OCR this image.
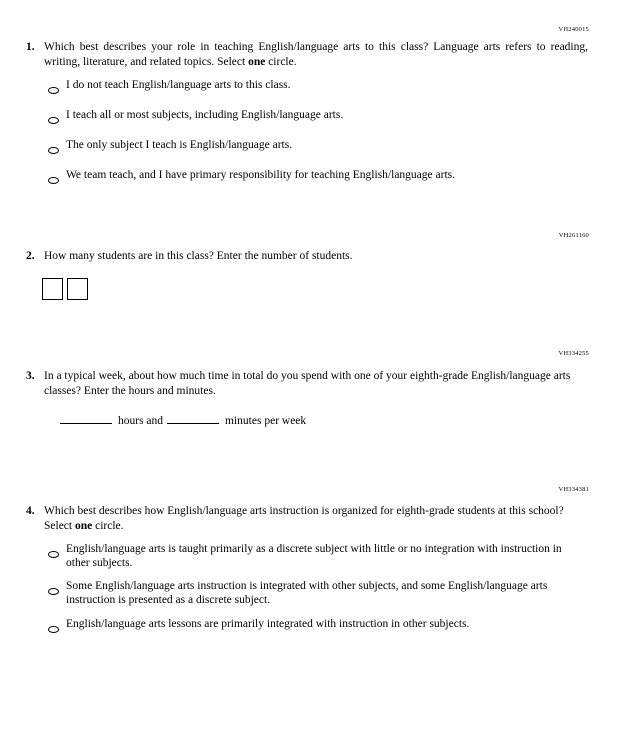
VH240015
1. Which best describes your role in teaching English/language arts to this class? Language arts refers to reading, writing, literature, and related topics. Select one circle.
I do not teach English/language arts to this class.
I teach all or most subjects, including English/language arts.
The only subject I teach is English/language arts.
We team teach, and I have primary responsibility for teaching English/language arts.
VH261160
2. How many students are in this class? Enter the number of students.
VH334255
3. In a typical week, about how much time in total do you spend with one of your eighth-grade English/language arts classes? Enter the hours and minutes.
hours and	minutes per week
VH334381
4. Which best describes how English/language arts instruction is organized for eighth-grade students at this school? Select one circle.
English/language arts is taught primarily as a discrete subject with little or no integration with instruction in other subjects.
Some English/language arts instruction is integrated with other subjects, and some English/language arts instruction is presented as a discrete subject.
English/language arts lessons are primarily integrated with instruction in other subjects.
